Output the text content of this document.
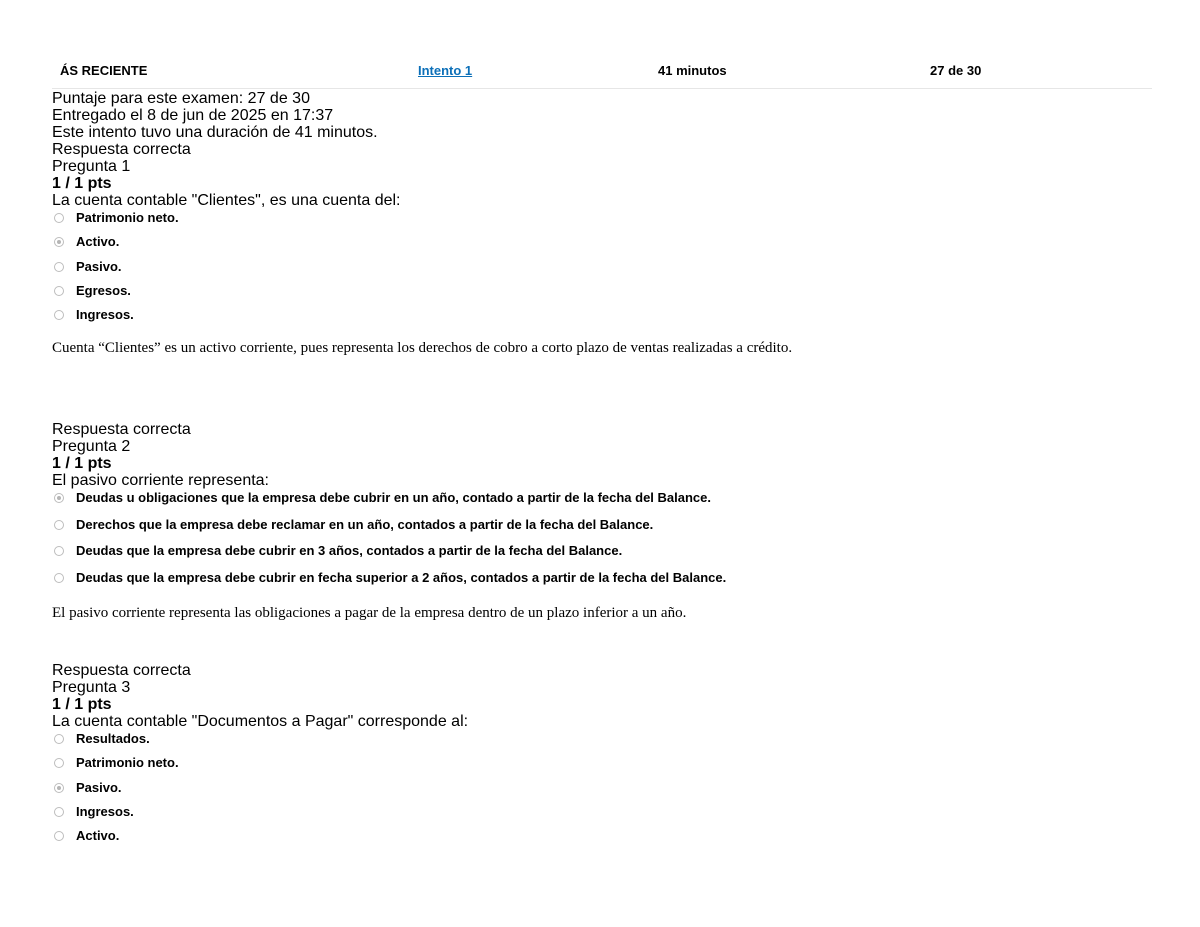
ÁS RECIENTE	Intento 1	41 minutos	27 de 30
Puntaje para este examen: 27 de 30
Entregado el 8 de jun de 2025 en 17:37
Este intento tuvo una duración de 41 minutos.
Respuesta correcta
Pregunta 1
1 / 1 pts
La cuenta contable "Clientes", es una cuenta del:
Patrimonio neto.
Activo.
Pasivo.
Egresos.
Ingresos.
Cuenta “Clientes” es un activo corriente, pues representa los derechos de cobro a corto plazo de ventas realizadas a crédito.
Respuesta correcta
Pregunta 2
1 / 1 pts
El pasivo corriente representa:
Deudas u obligaciones que la empresa debe cubrir en un año, contado a partir de la fecha del Balance.
Derechos que la empresa debe reclamar en un año, contados a partir de la fecha del Balance.
Deudas que la empresa debe cubrir en 3 años, contados a partir de la fecha del Balance.
Deudas que la empresa debe cubrir en fecha superior a 2 años, contados a partir de la fecha del Balance.
El pasivo corriente representa las obligaciones a pagar de la empresa dentro de un plazo inferior a un año.
Respuesta correcta
Pregunta 3
1 / 1 pts
La cuenta contable "Documentos a Pagar" corresponde al:
Resultados.
Patrimonio neto.
Pasivo.
Ingresos.
Activo.
